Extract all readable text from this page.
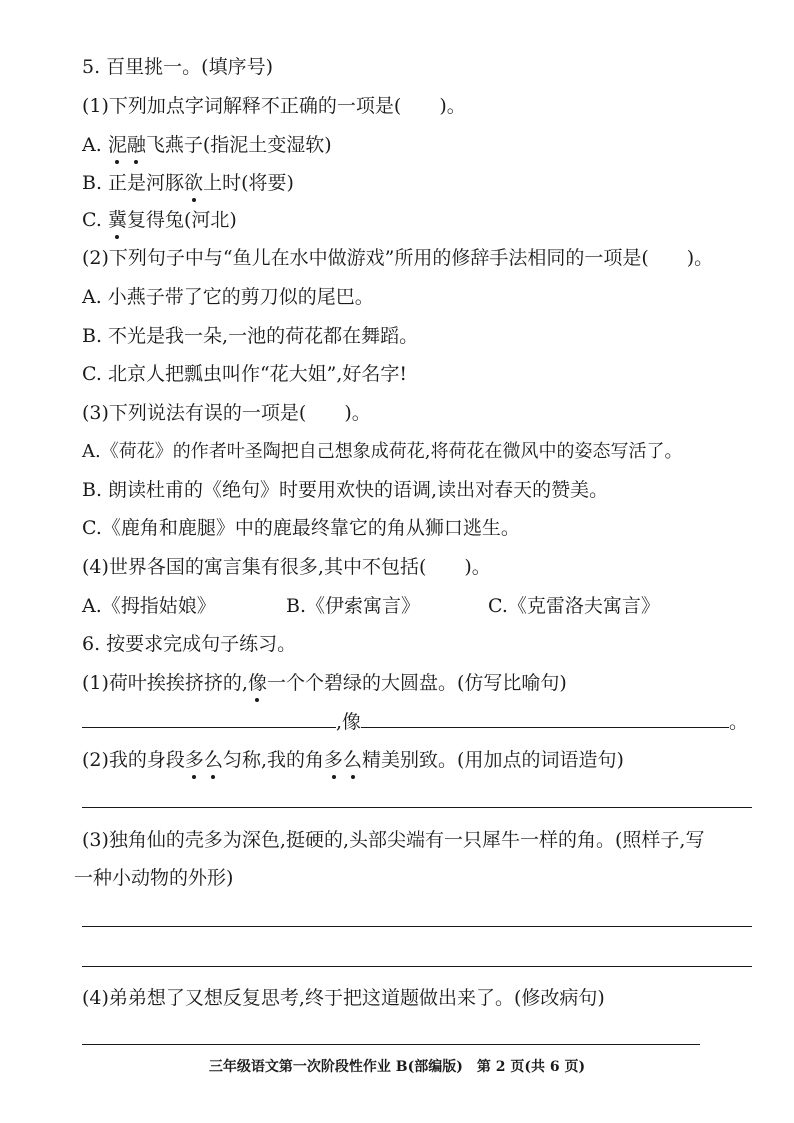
5. 百里挑一。(填序号)
(1)下列加点字词解释不正确的一项是(　　)。
A. 泥融飞燕子(指泥土变湿软)
B. 正是河豚欲上时(将要)
C. 冀复得兔(河北)
(2)下列句子中与“鱼儿在水中做游戏”所用的修辞手法相同的一项是(　　)。
A. 小燕子带了它的剪刀似的尾巴。
B. 不光是我一朵,一池的荷花都在舞蹈。
C. 北京人把瓢虫叫作“花大姐”,好名字!
(3)下列说法有误的一项是(　　)。
A.《荷花》的作者叶圣陶把自己想象成荷花,将荷花在微风中的姿态写活了。
B. 朗读杜甫的《绝句》时要用欢快的语调,读出对春天的赞美。
C.《鹿角和鹿腿》中的鹿最终靠它的角从狮口逃生。
(4)世界各国的寓言集有很多,其中不包括(　　)。
A.《拇指姑娘》	B.《伊索寓言》	C.《克雷洛夫寓言》
6. 按要求完成句子练习。
(1)荷叶挨挨挤挤的,像一个个碧绿的大圆盘。(仿写比喻句)
,像	。
(2)我的身段多么匀称,我的角多么精美别致。(用加点的词语造句)
(3)独角仙的壳多为深色,挺硬的,头部尖端有一只犀牛一样的角。(照样子,写
一种小动物的外形)
(4)弟弟想了又想反复思考,终于把这道题做出来了。(修改病句)
三年级语文第一次阶段性作业 B(部编版)　第 2 页(共 6 页)
